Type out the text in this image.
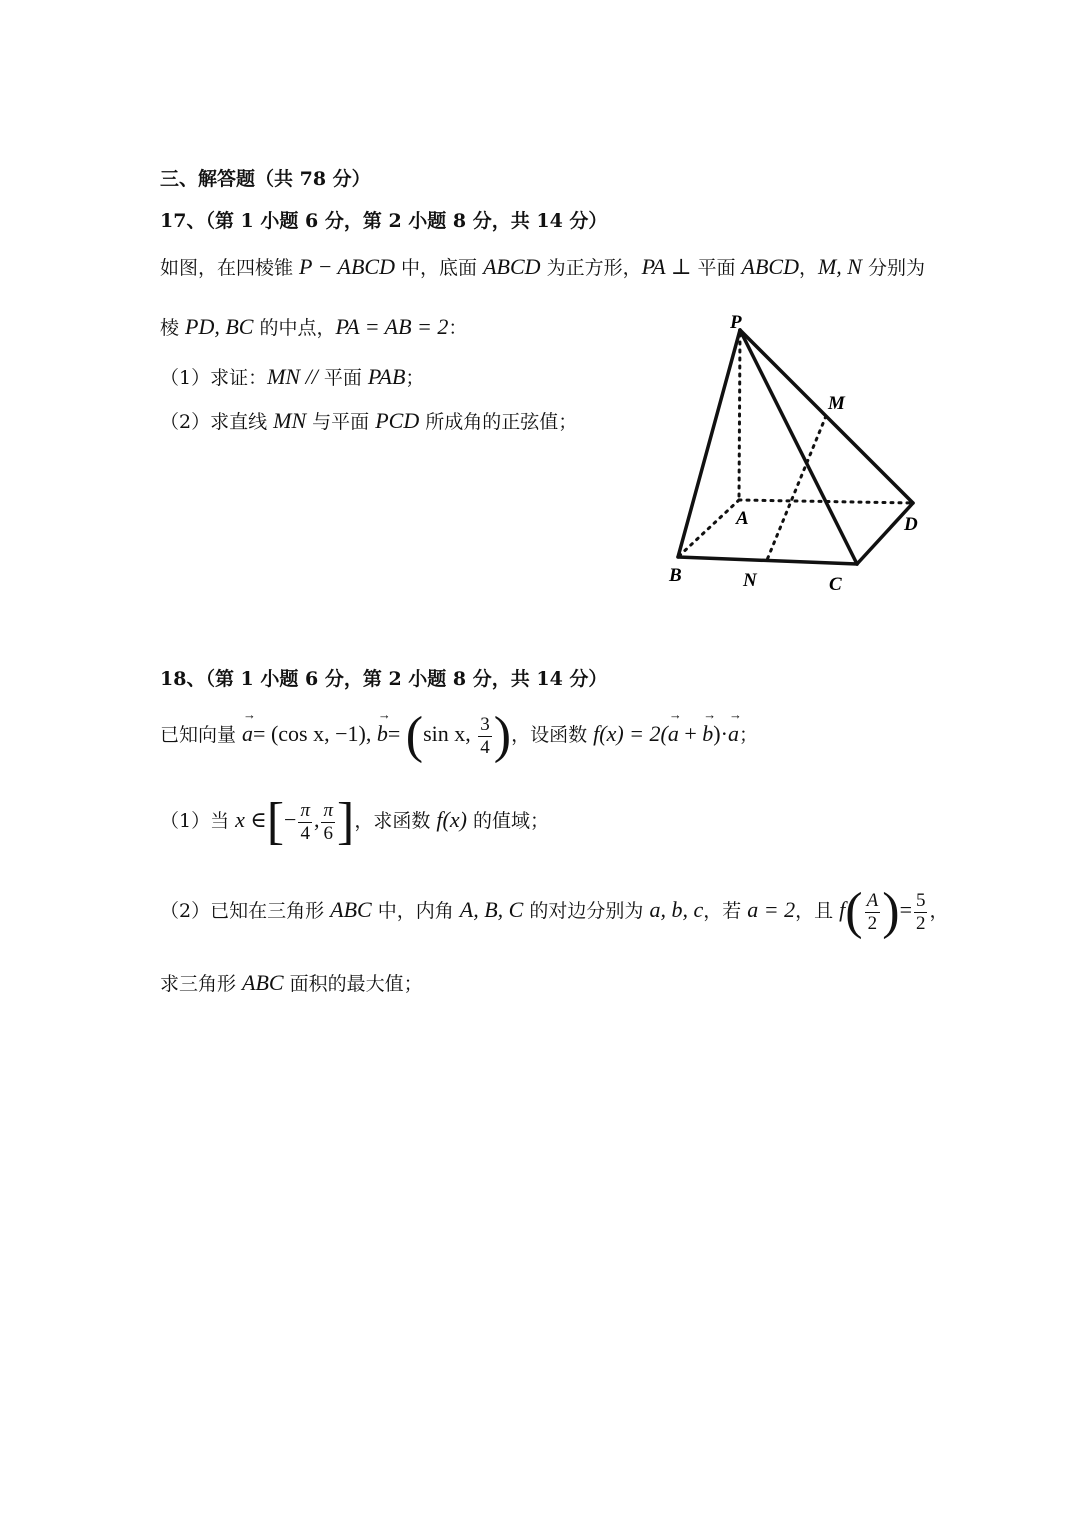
三、解答题（共 78 分）
17、（第 1 小题 6 分，第 2 小题 8 分，共 14 分）
如图，在四棱锥 P − ABCD 中，底面 ABCD 为正方形，PA ⊥ 平面 ABCD，M, N 分别为
棱 PD, BC 的中点，PA = AB = 2：
（1）求证：MN // 平面 PAB；
（2）求直线 MN 与平面 PCD 所成角的正弦值；
P
M
A	D
B	N	C
18、（第 1 小题 6 分，第 2 小题 8 分，共 14 分）
已知向量 → a= (cos x, −1), → b= (sin x, $\frac{3}{4}$ )，设函数 f(x) = 2(→ a + → b)·→ a；
（1）当 x ∈[− $\frac{\pi}{4}$ , $\frac{\pi}{6}$ ]，求函数 f(x) 的值域；
（2）已知在三角形 ABC 中，内角 A, B, C 的对边分别为 a, b, c，若 a = 2，且 $f( \frac{A}{2}$ )= $\frac{5}{2}$ ，
求三角形 ABC 面积的最大值；
